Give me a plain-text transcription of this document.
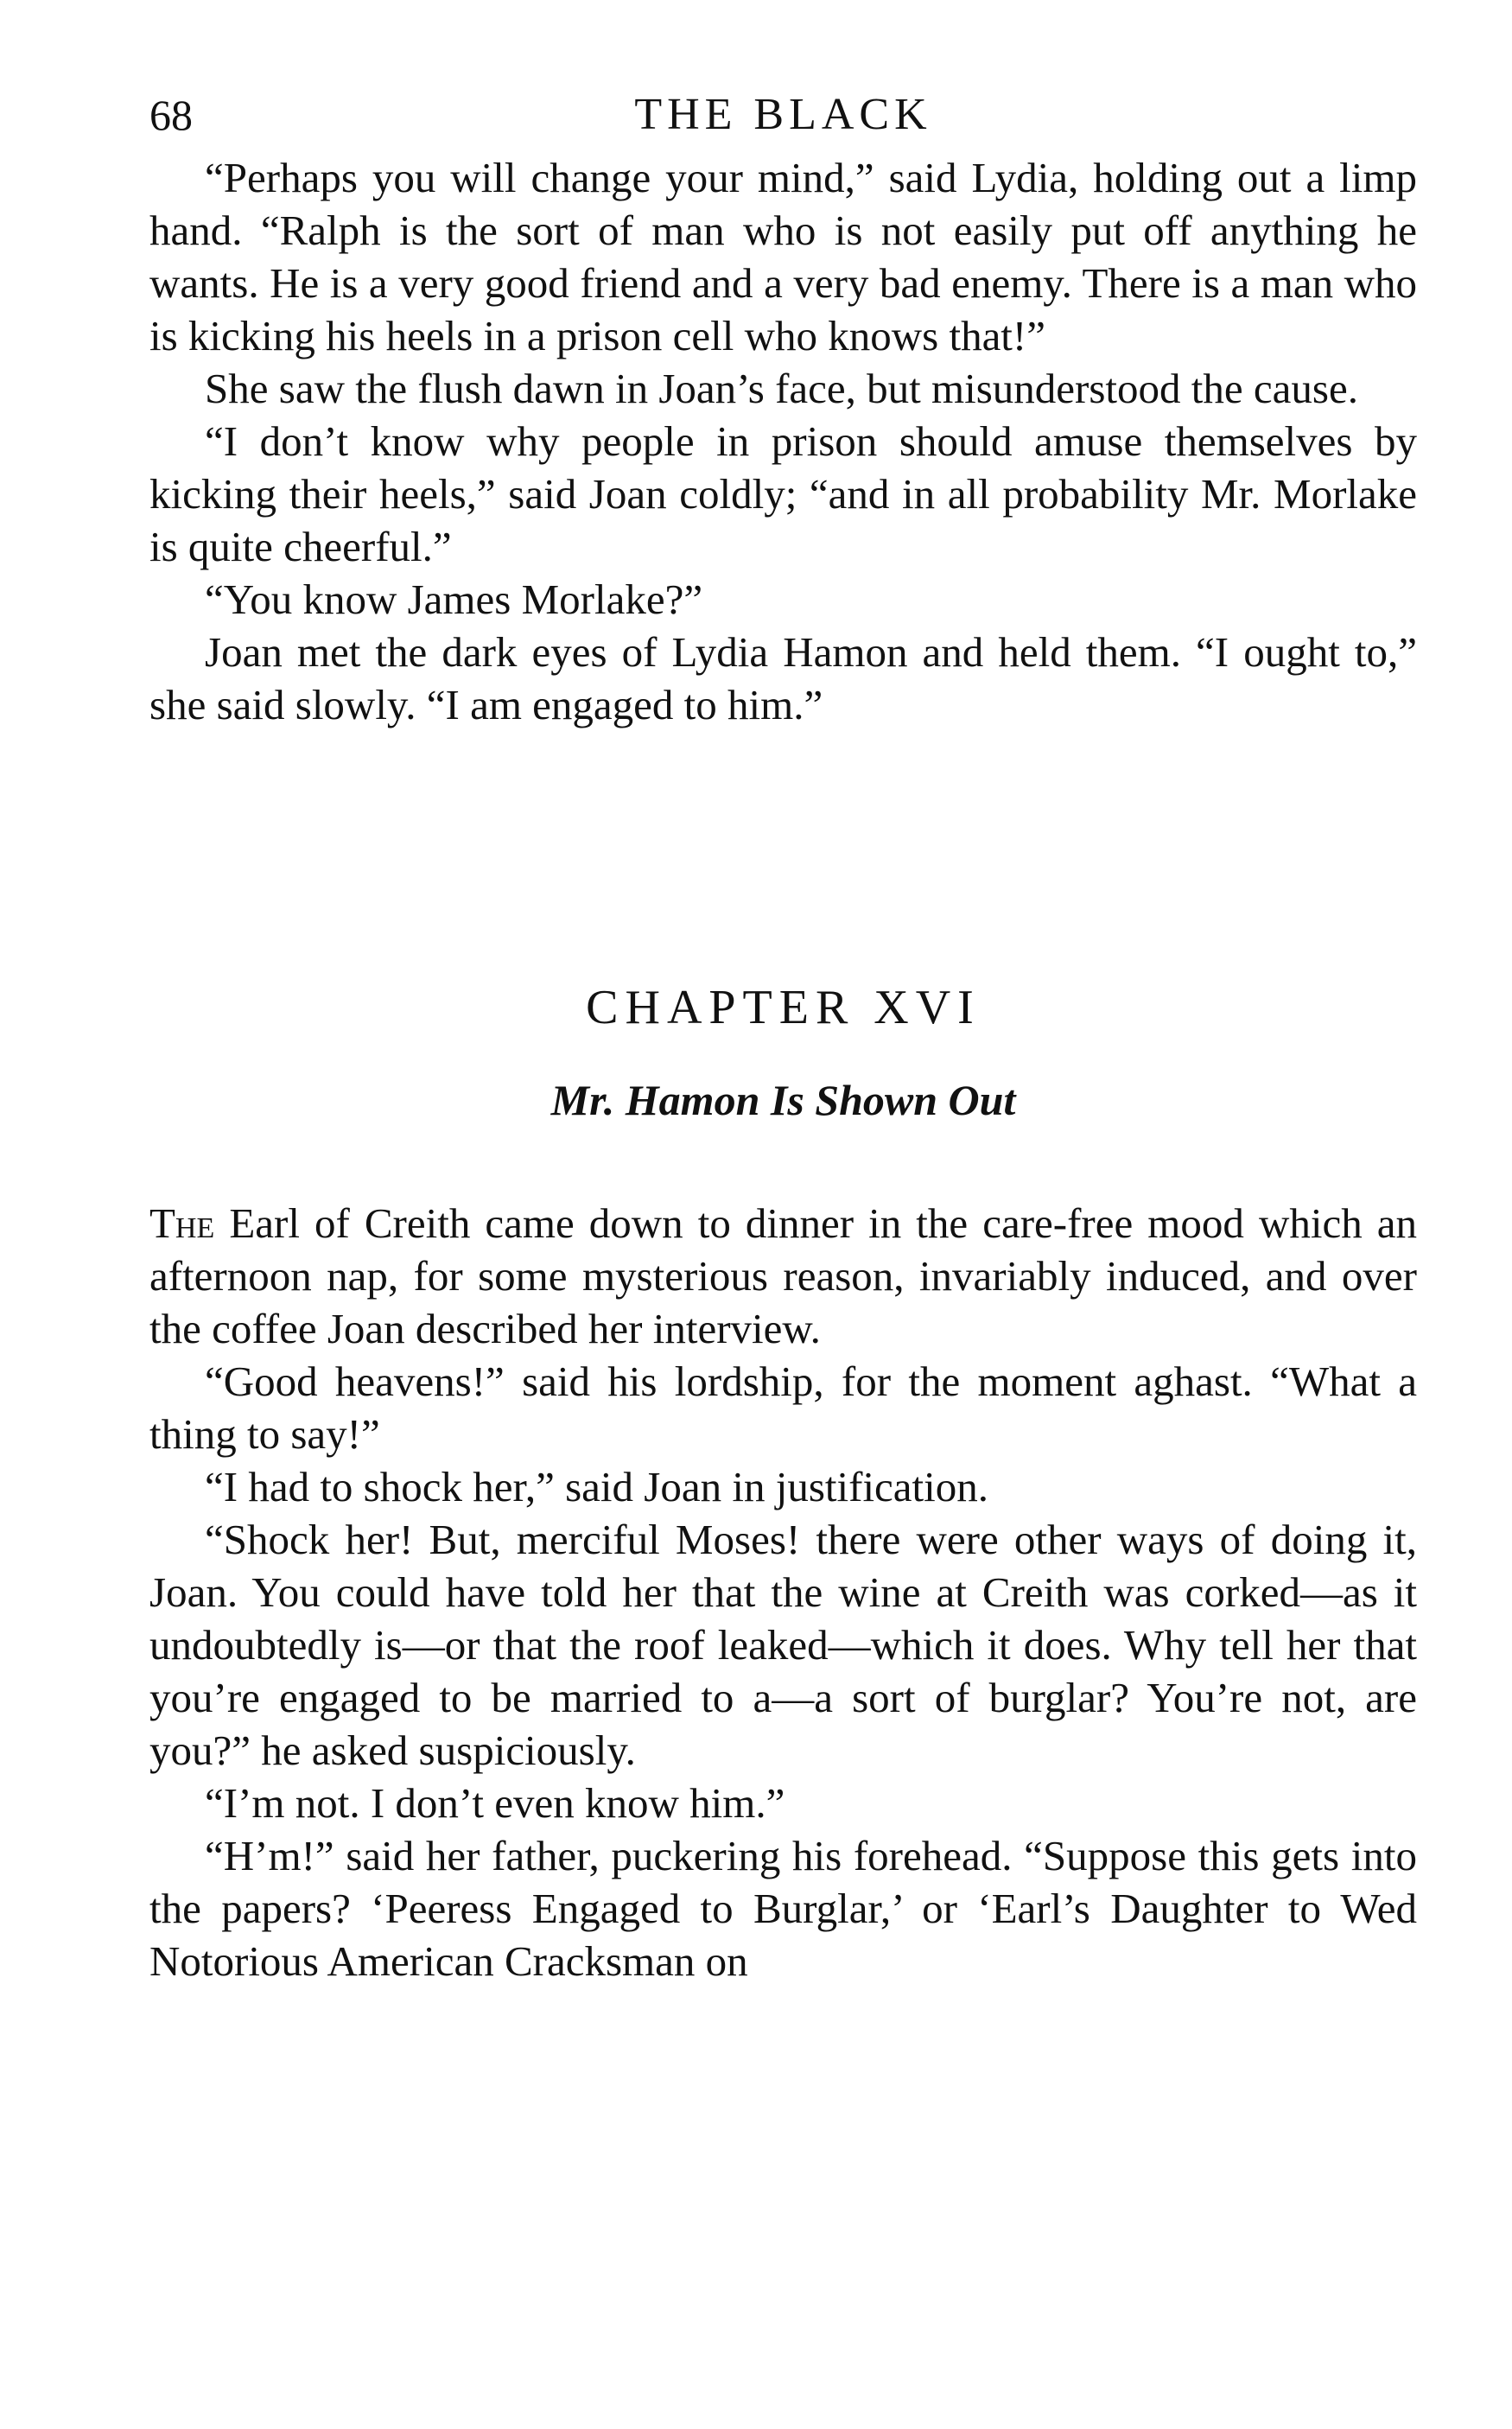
68	THE BLACK

“Perhaps you will change your mind,” said Lydia, holding out a limp hand. “Ralph is the sort of man who is not easily put off anything he wants. He is a very good friend and a very bad enemy. There is a man who is kicking his heels in a prison cell who knows that!”

She saw the flush dawn in Joan’s face, but misunderstood the cause.

“I don’t know why people in prison should amuse themselves by kicking their heels,” said Joan coldly; “and in all probability Mr. Morlake is quite cheerful.”

“You know James Morlake?”

Joan met the dark eyes of Lydia Hamon and held them. “I ought to,” she said slowly. “I am engaged to him.”

CHAPTER XVI

Mr. Hamon Is Shown Out

The Earl of Creith came down to dinner in the care-free mood which an afternoon nap, for some mysterious reason, invariably induced, and over the coffee Joan described her interview.

“Good heavens!” said his lordship, for the moment aghast. “What a thing to say!”

“I had to shock her,” said Joan in justification.

“Shock her! But, merciful Moses! there were other ways of doing it, Joan. You could have told her that the wine at Creith was corked—as it undoubtedly is—or that the roof leaked—which it does. Why tell her that you’re engaged to be married to a—a sort of burglar? You’re not, are you?” he asked suspiciously.

“I’m not. I don’t even know him.”

“H’m!” said her father, puckering his forehead. “Suppose this gets into the papers? ‘Peeress Engaged to Burglar,’ or ‘Earl’s Daughter to Wed Notorious American Cracksman on
